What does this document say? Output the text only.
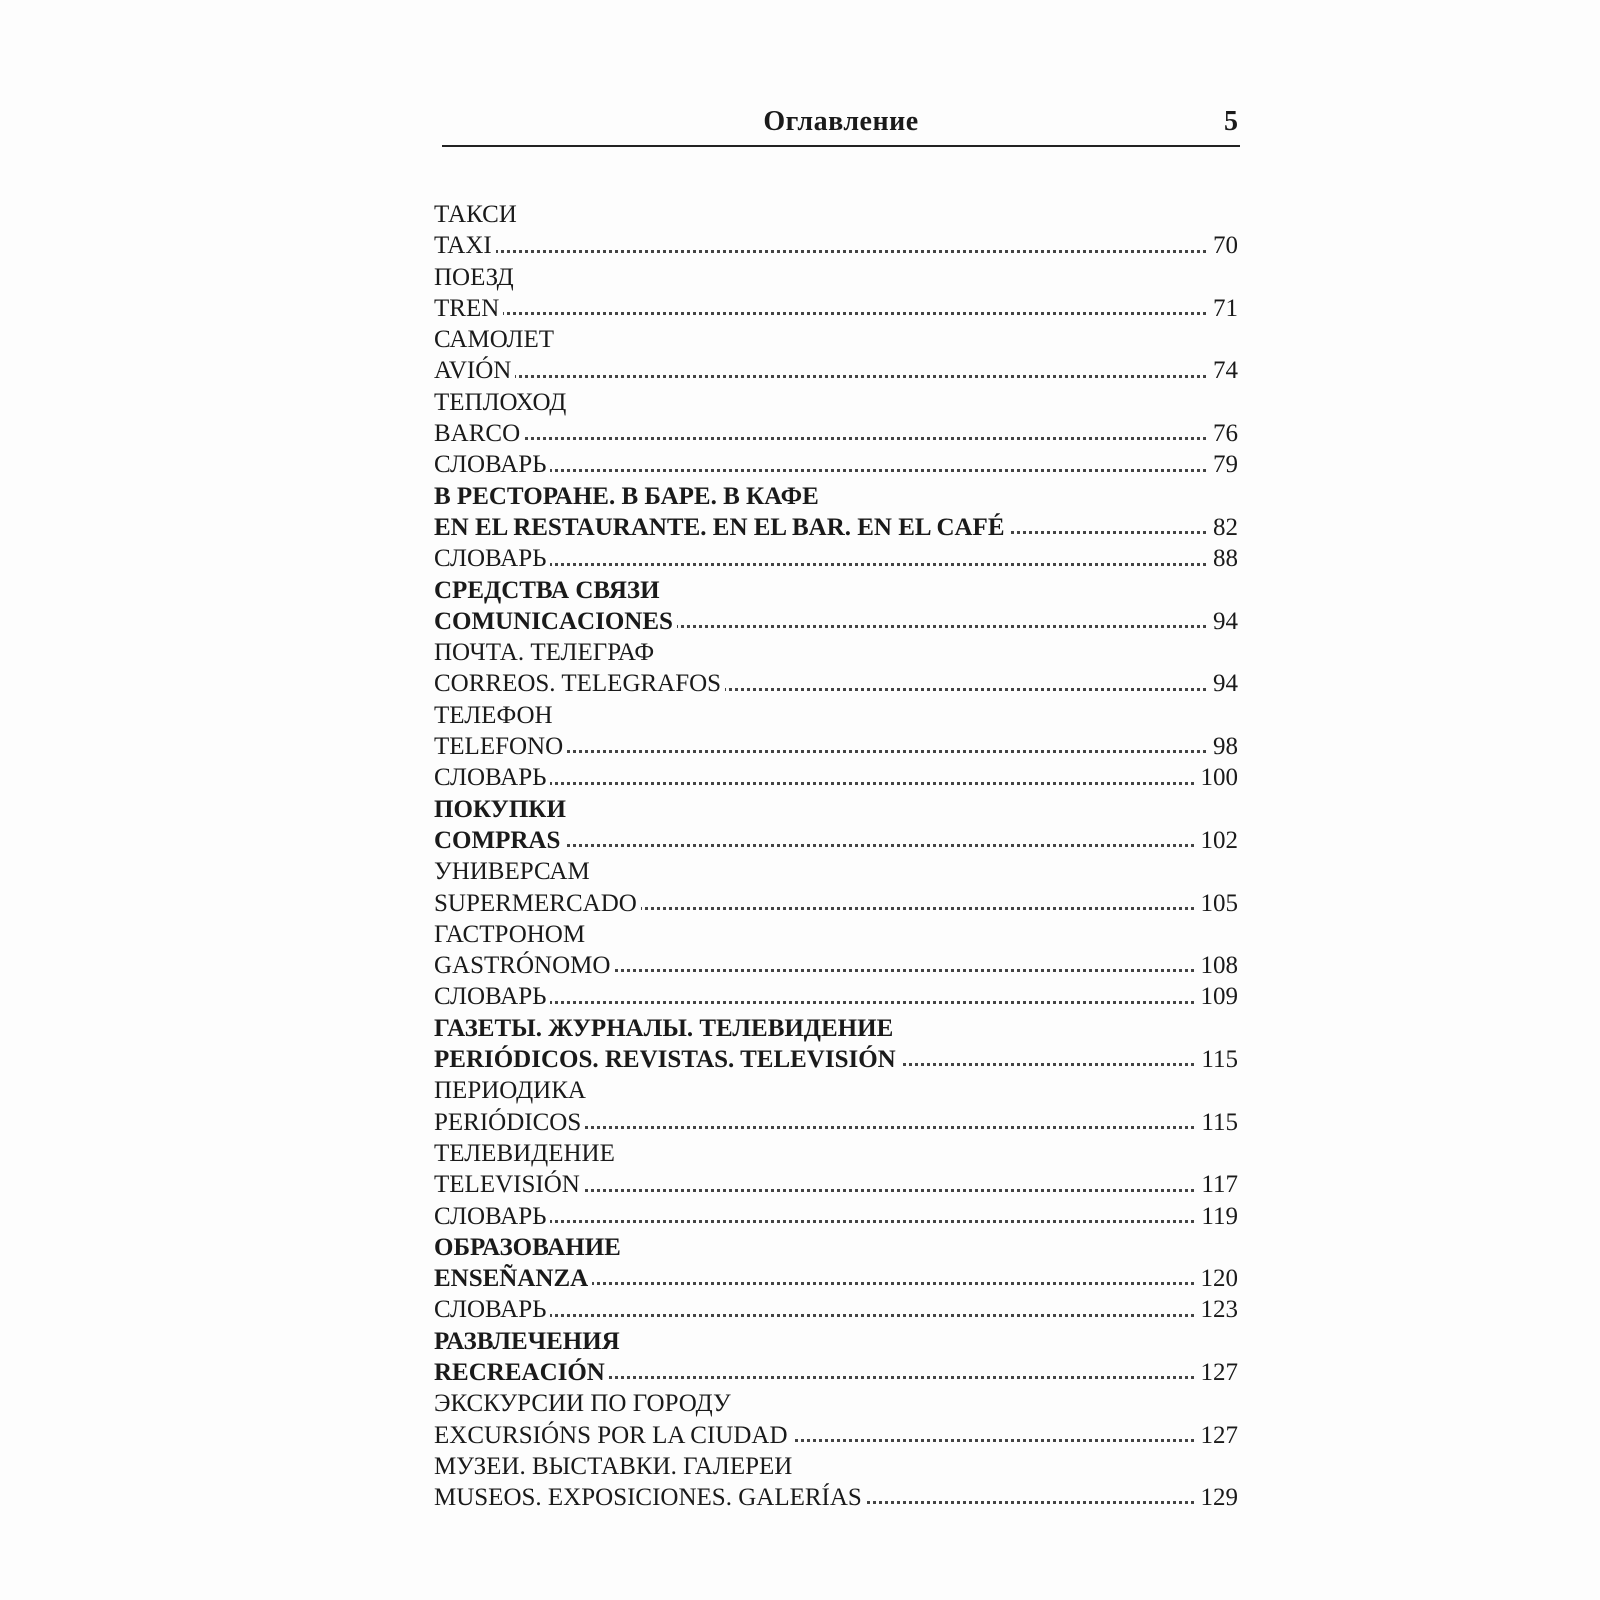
Оглавление	5
ТАКСИ
TAXI	70
ПОЕЗД
TREN	71
САМОЛЕТ
AVIÓN	74
ТЕПЛОХОД
BARCO	76
СЛОВАРЬ	79
В РЕСТОРАНЕ. В БАРЕ. В КАФЕ
EN EL RESTAURANTE. EN EL BAR. EN EL CAFÉ	82
СЛОВАРЬ	88
СРЕДСТВА СВЯЗИ
COMUNICACIONES	94
ПОЧТА. ТЕЛЕГРАФ
CORREOS. TELEGRAFOS	94
ТЕЛЕФОН
TELEFONO	98
СЛОВАРЬ	100
ПОКУПКИ
COMPRAS	102
УНИВЕРСАМ
SUPERMERCADO	105
ГАСТРОНОМ
GASTRÓNOMO	108
СЛОВАРЬ	109
ГАЗЕТЫ. ЖУРНАЛЫ. ТЕЛЕВИДЕНИЕ
PERIÓDICOS. REVISTAS. TELEVISIÓN	115
ПЕРИОДИКА
PERIÓDICOS	115
ТЕЛЕВИДЕНИЕ
TELEVISIÓN	117
СЛОВАРЬ	119
ОБРАЗОВАНИЕ
ENSEÑANZA	120
СЛОВАРЬ	123
РАЗВЛЕЧЕНИЯ
RECREACIÓN	127
ЭКСКУРСИИ ПО ГОРОДУ
EXCURSIÓNS POR LA CIUDAD	127
МУЗЕИ. ВЫСТАВКИ. ГАЛЕРЕИ
MUSEOS. EXPOSICIONES. GALERÍAS	129
